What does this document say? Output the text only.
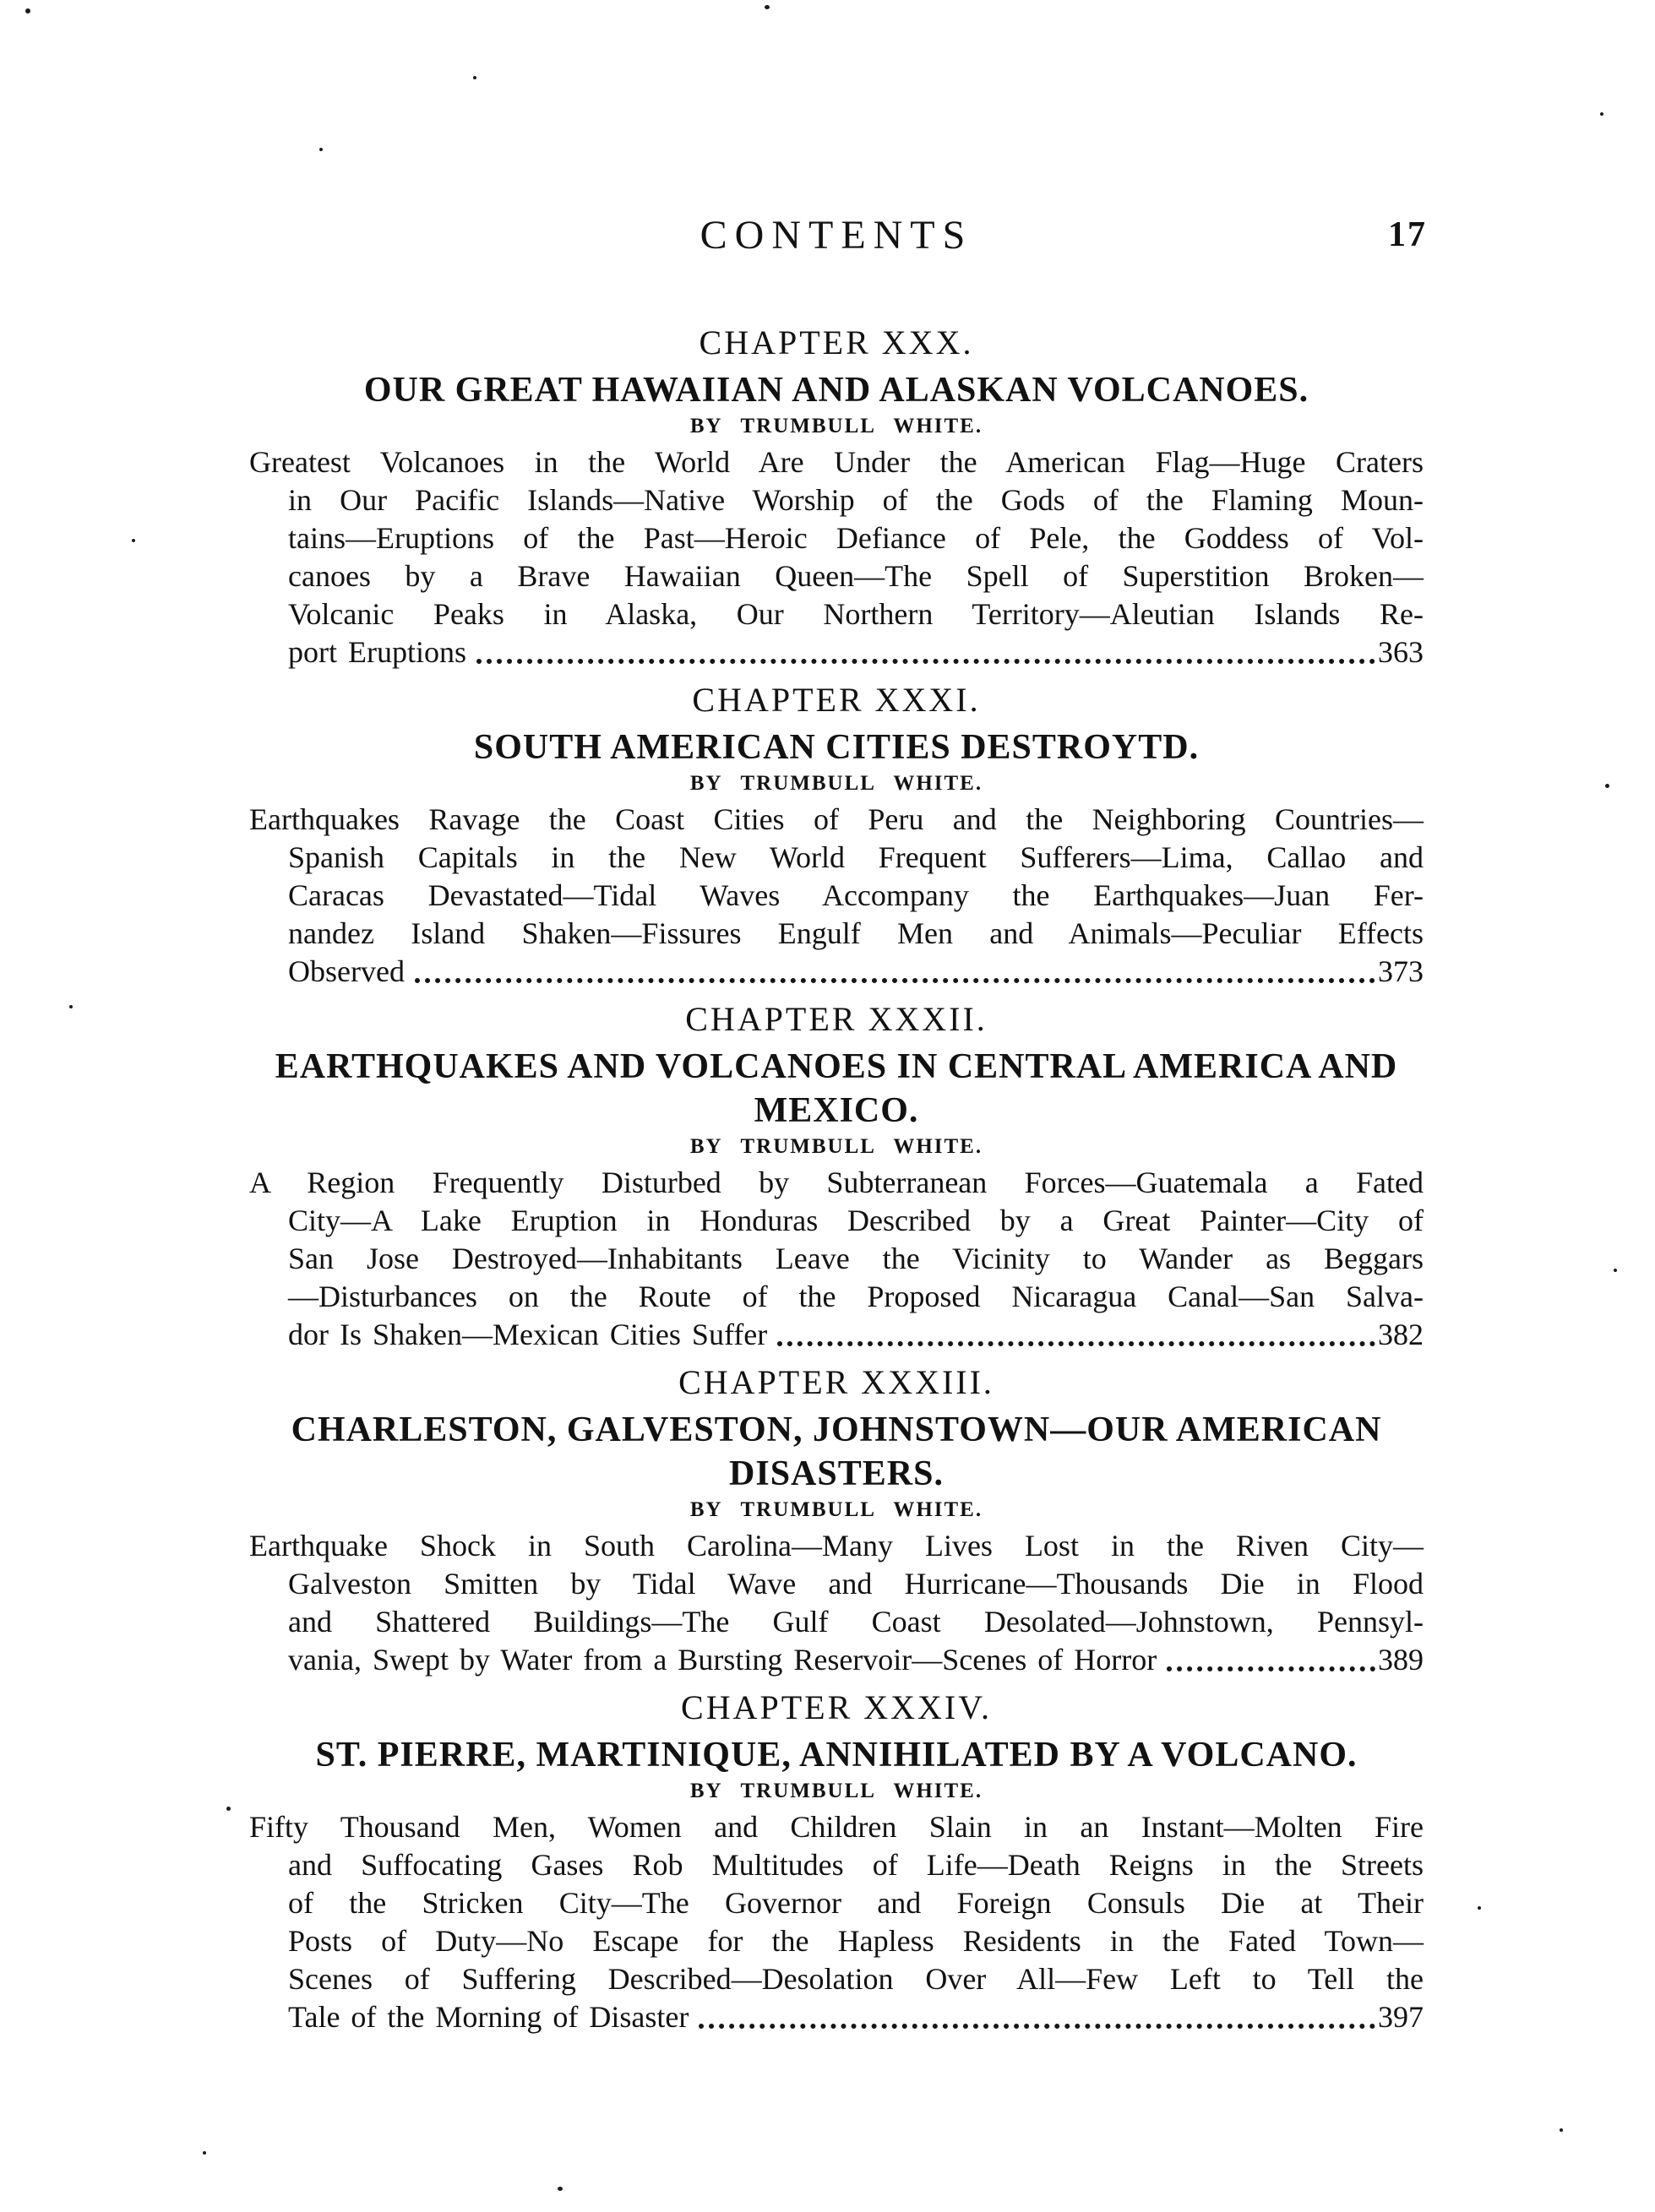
CONTENTS	17
CHAPTER XXX.
OUR GREAT HAWAIIAN AND ALASKAN VOLCANOES.
BY TRUMBULL WHITE.
Greatest Volcanoes in the World Are Under the American Flag—Huge Craters
in Our Pacific Islands—Native Worship of the Gods of the Flaming Moun-
tains—Eruptions of the Past—Heroic Defiance of Pele, the Goddess of Vol-
canoes by a Brave Hawaiian Queen—The Spell of Superstition Broken—
Volcanic Peaks in Alaska, Our Northern Territory—Aleutian Islands Re-
port Eruptions	363
CHAPTER XXXI.
SOUTH AMERICAN CITIES DESTROYTD.
BY TRUMBULL WHITE.
Earthquakes Ravage the Coast Cities of Peru and the Neighboring Countries—
Spanish Capitals in the New World Frequent Sufferers—Lima, Callao and
Caracas Devastated—Tidal Waves Accompany the Earthquakes—Juan Fer-
nandez Island Shaken—Fissures Engulf Men and Animals—Peculiar Effects
Observed	373
CHAPTER XXXII.
EARTHQUAKES AND VOLCANOES IN CENTRAL AMERICA AND MEXICO.
BY TRUMBULL WHITE.
A Region Frequently Disturbed by Subterranean Forces—Guatemala a Fated
City—A Lake Eruption in Honduras Described by a Great Painter—City of
San Jose Destroyed—Inhabitants Leave the Vicinity to Wander as Beggars
—Disturbances on the Route of the Proposed Nicaragua Canal—San Salva-
dor Is Shaken—Mexican Cities Suffer	382
CHAPTER XXXIII.
CHARLESTON, GALVESTON, JOHNSTOWN—OUR AMERICAN DISASTERS.
BY TRUMBULL WHITE.
Earthquake Shock in South Carolina—Many Lives Lost in the Riven City—
Galveston Smitten by Tidal Wave and Hurricane—Thousands Die in Flood
and Shattered Buildings—The Gulf Coast Desolated—Johnstown, Pennsyl-
vania, Swept by Water from a Bursting Reservoir—Scenes of Horror	389
CHAPTER XXXIV.
ST. PIERRE, MARTINIQUE, ANNIHILATED BY A VOLCANO.
BY TRUMBULL WHITE.
Fifty Thousand Men, Women and Children Slain in an Instant—Molten Fire
and Suffocating Gases Rob Multitudes of Life—Death Reigns in the Streets
of the Stricken City—The Governor and Foreign Consuls Die at Their
Posts of Duty—No Escape for the Hapless Residents in the Fated Town—
Scenes of Suffering Described—Desolation Over All—Few Left to Tell the
Tale of the Morning of Disaster	397
